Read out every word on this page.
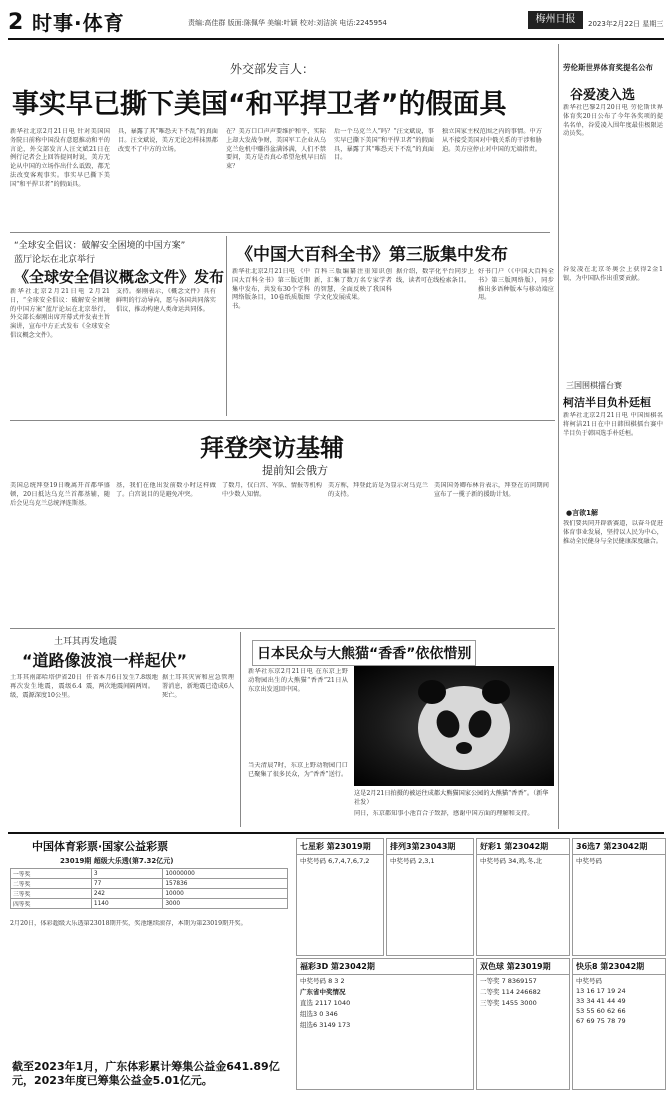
2 时事·体育	责编:高佳群 版面:陈佩华 美编:叶颖 校对:刘洁滨 电话:2245954	梅州日报	2023年2月22日 星期三
外交部发言人：
事实早已撕下美国“和平捍卫者”的假面具
新华社北京2月21日电 针对美国国务院日前称中国没有意愿推动和平的言论，外交部发言人汪文斌21日在例行记者会上回答提问时说，美方无论从中国的立场作出什么诋毁，都无法改变客观事实。事实早已撕下美国“和平捍卫者”的假面具。
具，暴露了其“唯恐天下不乱”的真面目。汪文斌说，美方无论怎样抹黑都改变不了中方的立场。
在？美方口口声声要维护和平，实际上却大发战争财，美国军工企业从乌克兰危机中赚得盆满钵满，人们不禁要问，美方是否真心希望危机早日结束？
后一个乌克兰人”吗？“汪文斌说，事实早已撕下美国“和平捍卫者”的假面具，暴露了其“唯恐天下不乱”的真面目。
独立国家主权范围之内的事情。中方从不接受美国对中俄关系的干涉和胁迫。美方应停止对中国的无端指责。
“全球安全倡议：破解安全困境的中国方案”
蓝厅论坛在北京举行
《全球安全倡议概念文件》发布
新华社北京2月21日电 2月21日，“全球安全倡议：破解安全困境的中国方案”蓝厅论坛在北京举行，外交部长秦刚出席开幕式并发表主旨演讲，宣布中方正式发布《全球安全倡议概念文件》。
支持。秦刚表示，《概念文件》具有鲜明的行动导向，愿与各国共同落实倡议，推动构建人类命运共同体。
《中国大百科全书》第三版集中发布
新华社北京2月21日电 《中国大百科全书》第三版近期集中发布，共发布30个学科网络版条目，10卷纸质版图书。
百科三版编纂注重知识创新，汇集了数万名专家学者的智慧，全面反映了我国科学文化发展成果。
据介绍，数字化平台同步上线，读者可在线检索条目。
好书门户（《中国大百科全书》第三版网络版），同步推出多语种版本与移动端应用。
拜登突访基辅
提前知会俄方
美国总统拜登19日晚离开首都华盛顿，20日抵达乌克兰首都基辅，随后会见乌克兰总统泽连斯基。
基，我们在他出发前数小时这样做了。白宫说目的是避免冲突。
了数月，仅白宫、军队、情报等机构中少数人知情。
美方称，拜登此访是为显示对乌克兰的支持。
美国国务卿布林肯表示，拜登在访问期间宣布了一揽子新的援助计划。
土耳其再发地震
“道路像波浪一样起伏”
土耳其南部哈塔伊省20日再次发生地震，震级6.4级，震源深度10公里。
仟省本月6日发生7.8级地震，两次地震间隔两周。
据土耳其灾害和应急管理署消息，新地震已造成6人死亡。
日本民众与大熊猫“香香”依依惜别
新华社东京2月21日电 在东京上野动物园出生的大熊猫“香香”21日从东京出发返回中国。
当天清晨7时，东京上野动物园门口已聚集了很多民众，为“香香”送行。
这是2月21日拍摄的被运往成都大熊猫国家公园的大熊猫“香香”。（新华社发）
同日，东京都知事小池百合子致辞，感谢中国方面的理解和支持。
劳伦斯世界体育奖提名公布
谷爱凌入选
新华社巴黎2月20日电 劳伦斯世界体育奖20日公布了今年各奖项的提名名单，谷爱凌入围年度最佳极限运动员奖。
谷爱凌在北京冬奥会上获得2金1银，为中国队作出重要贡献。
三国围棋擂台赛
柯洁半目负朴廷桓
新华社北京2月21日电 中国围棋名将柯洁21日在中日韩围棋擂台赛中半目负于韩国选手朴廷桓。
●言欲1解
我们要共同开辟新赛道，以奋斗促进体育事业发展，坚持以人民为中心，推动全民健身与全民健康深度融合。
中国体育彩票·国家公益彩票
23019期 超级大乐透(第7.32亿元)
一等奖	3	10000000
二等奖	77	157836
三等奖	242	10000
四等奖	1140	3000
2月20日，体彩超级大乐透第23018期开奖，奖池继续滚存，本期为第23019期开奖。
截至2023年1月，广东体彩累计筹集公益金641.89亿元，2023年度已筹集公益金5.01亿元。
七星彩 第23019期
中奖号码 6,7,4,7,6,7,2
排列3第23043期
中奖号码 2,3,1
好彩1 第23042期
中奖号码 34,鸡,冬,北
36选7 第23042期
中奖号码
福彩3D 第23042期
中奖号码 8 3 2
广东省中奖情况
直选 2117 1040
组选3 0 346
组选6 3149 173
双色球 第23019期
一等奖 7 8369157
二等奖 114 246682
三等奖 1455 3000
快乐8 第23042期
中奖号码
13 16 17 19 24
33 34 41 44 49
53 55 60 62 66
67 69 75 78 79
